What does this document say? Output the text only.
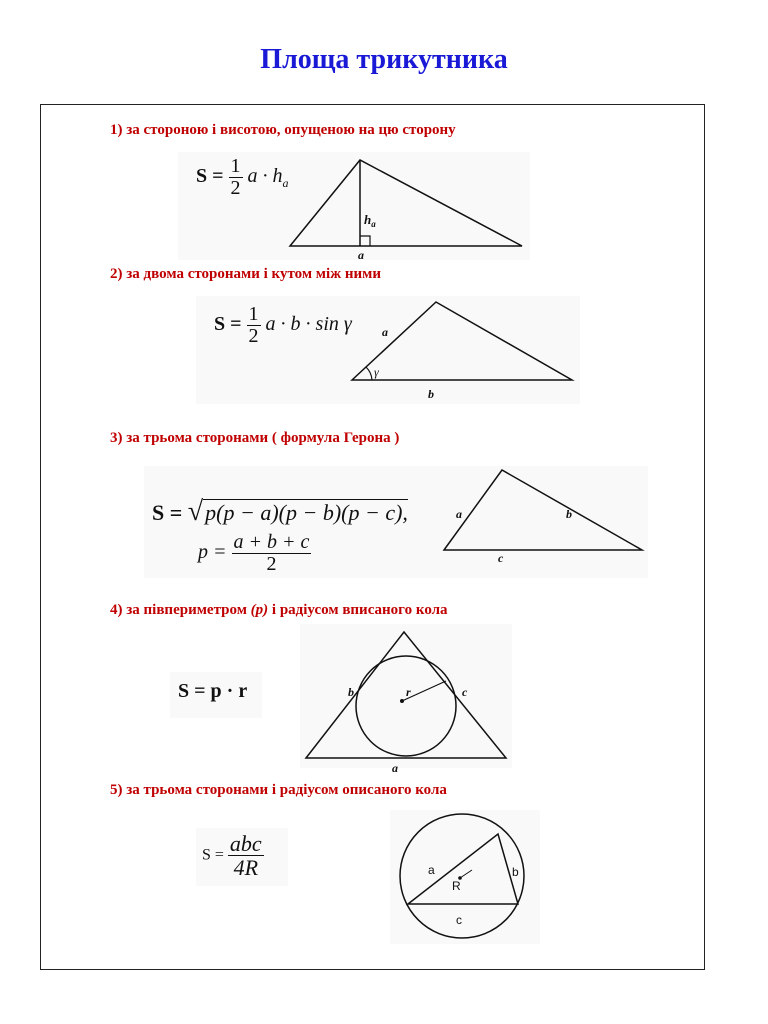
Площа трикутника
1) за стороною і висотою, опущеною на цю сторону
$S = \frac{1}{2}$ $a \cdot h_a$
$h_a$
a
2) за двома сторонами і кутом між ними
$S = \frac{1}{2}$ a · b · sin γ	a
b
γ
3) за трьома сторонами ( формула Герона )
S = √p(p − a)(p − b)(p − c),
$p = \frac{a + b + c}{2}$
a	b
c
4) за півпериметром (р) і радіусом вписаного кола
S = p · r	b	r	c
a
5) за трьома сторонами і радіусом описаного кола
$S = \frac{\text{abc}}{4R}$	a	b
R
c
